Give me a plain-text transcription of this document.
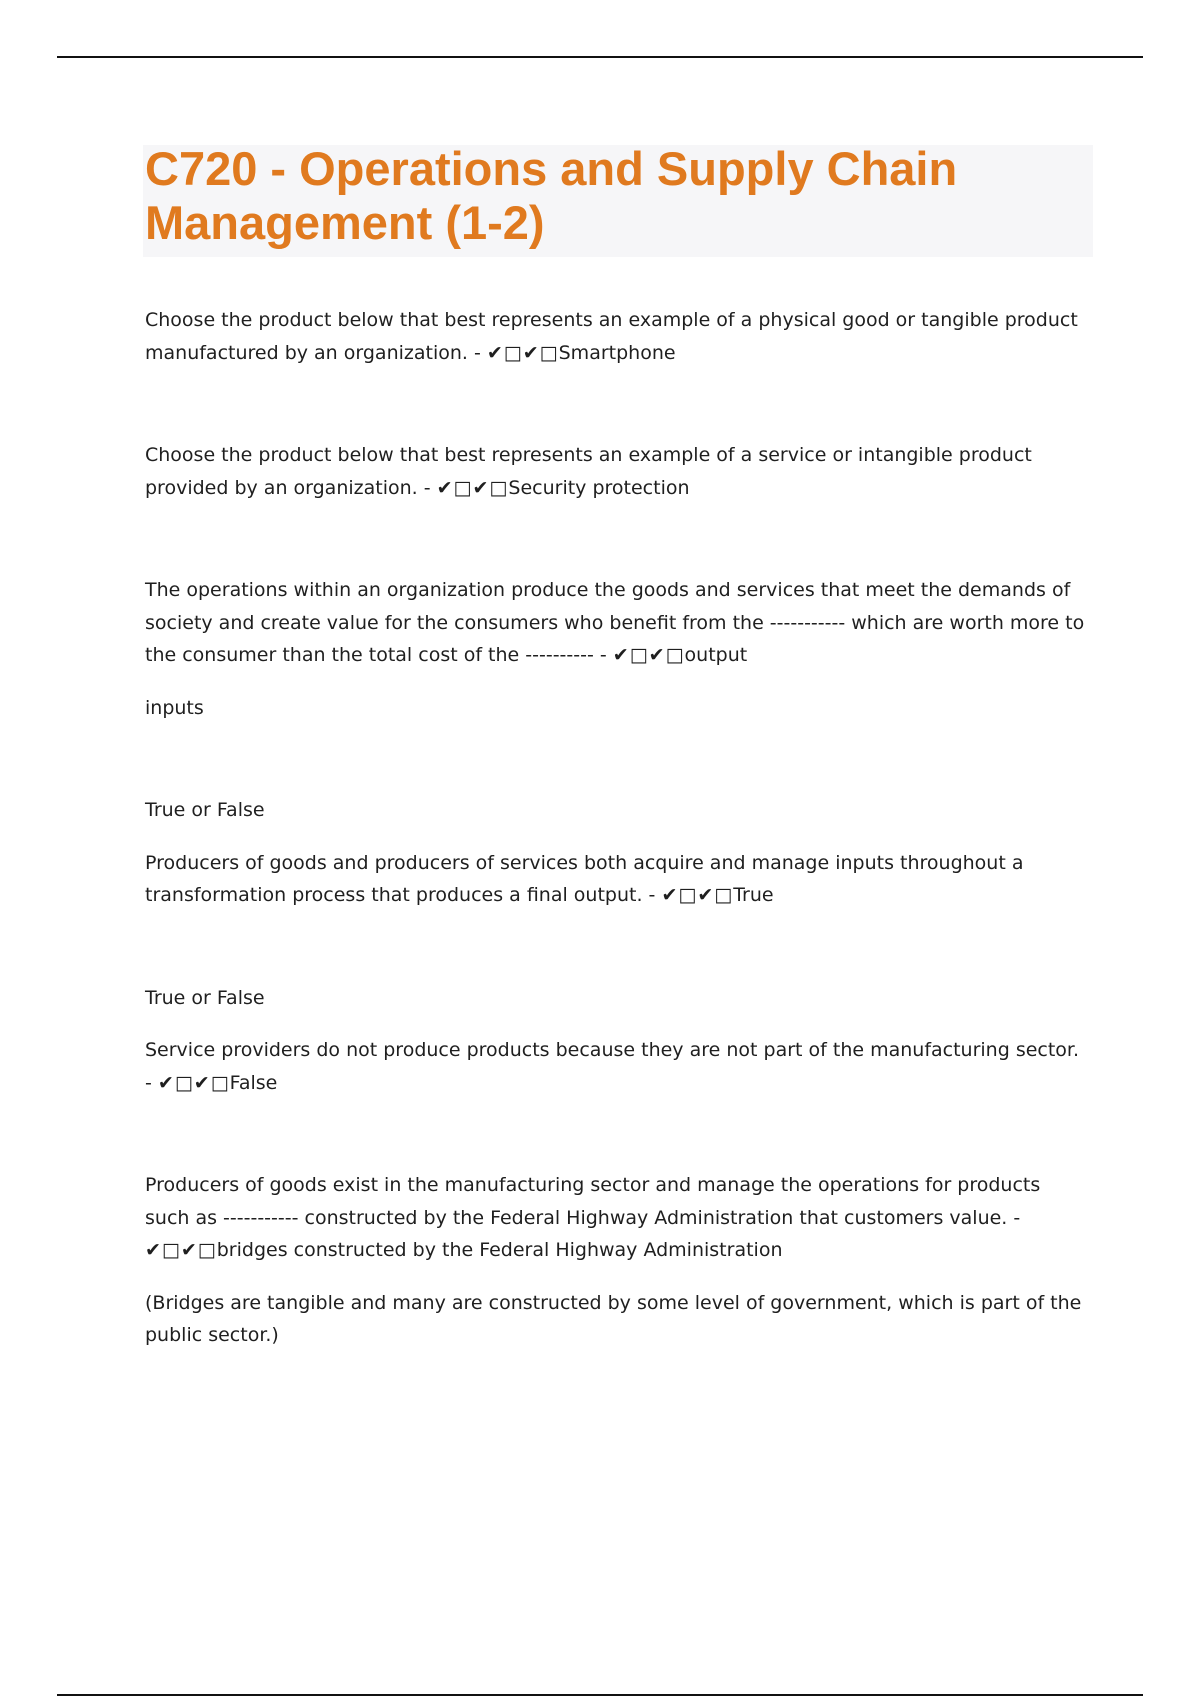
C720 - Operations and Supply Chain Management (1-2)

Choose the product below that best represents an example of a physical good or tangible product manufactured by an organization. - ✔□✔□Smartphone

Choose the product below that best represents an example of a service or intangible product provided by an organization. - ✔□✔□Security protection

The operations within an organization produce the goods and services that meet the demands of society and create value for the consumers who benefit from the ----------- which are worth more to the consumer than the total cost of the ---------- - ✔□✔□output

inputs

True or False

Producers of goods and producers of services both acquire and manage inputs throughout a transformation process that produces a final output. - ✔□✔□True

True or False

Service providers do not produce products because they are not part of the manufacturing sector. - ✔□✔□False

Producers of goods exist in the manufacturing sector and manage the operations for products such as ----------- constructed by the Federal Highway Administration that customers value. - ✔□✔□bridges constructed by the Federal Highway Administration

(Bridges are tangible and many are constructed by some level of government, which is part of the public sector.)
